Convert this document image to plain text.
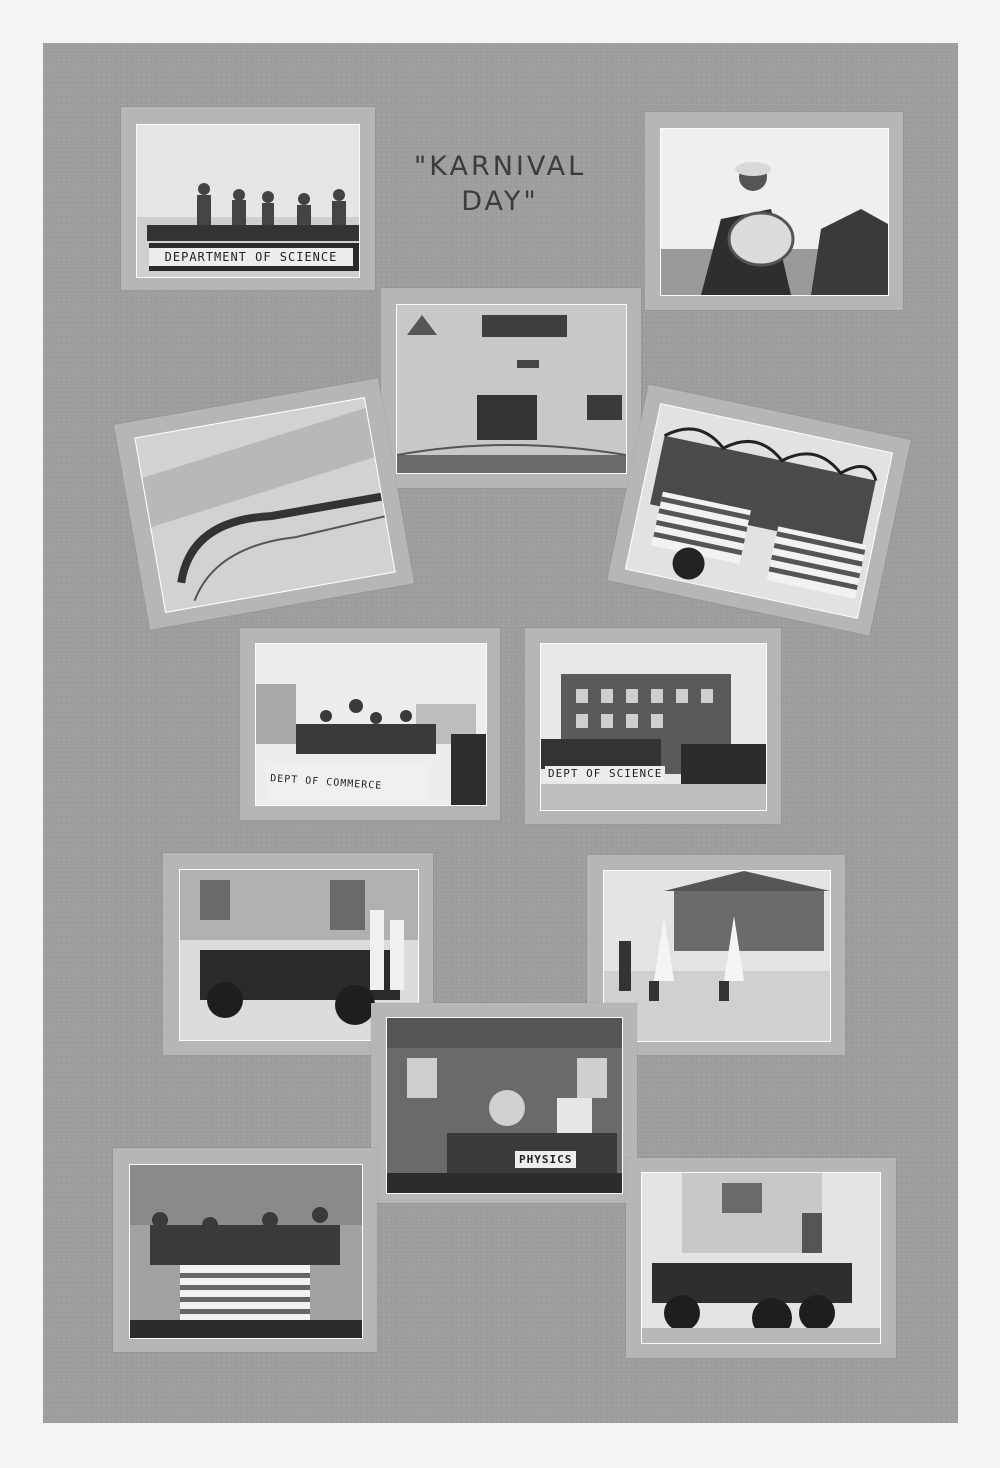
"KARNIVAL
DAY"
DEPARTMENT OF SCIENCE
DEPT OF COMMERCE	DEPT OF SCIENCE
PHYSICS
